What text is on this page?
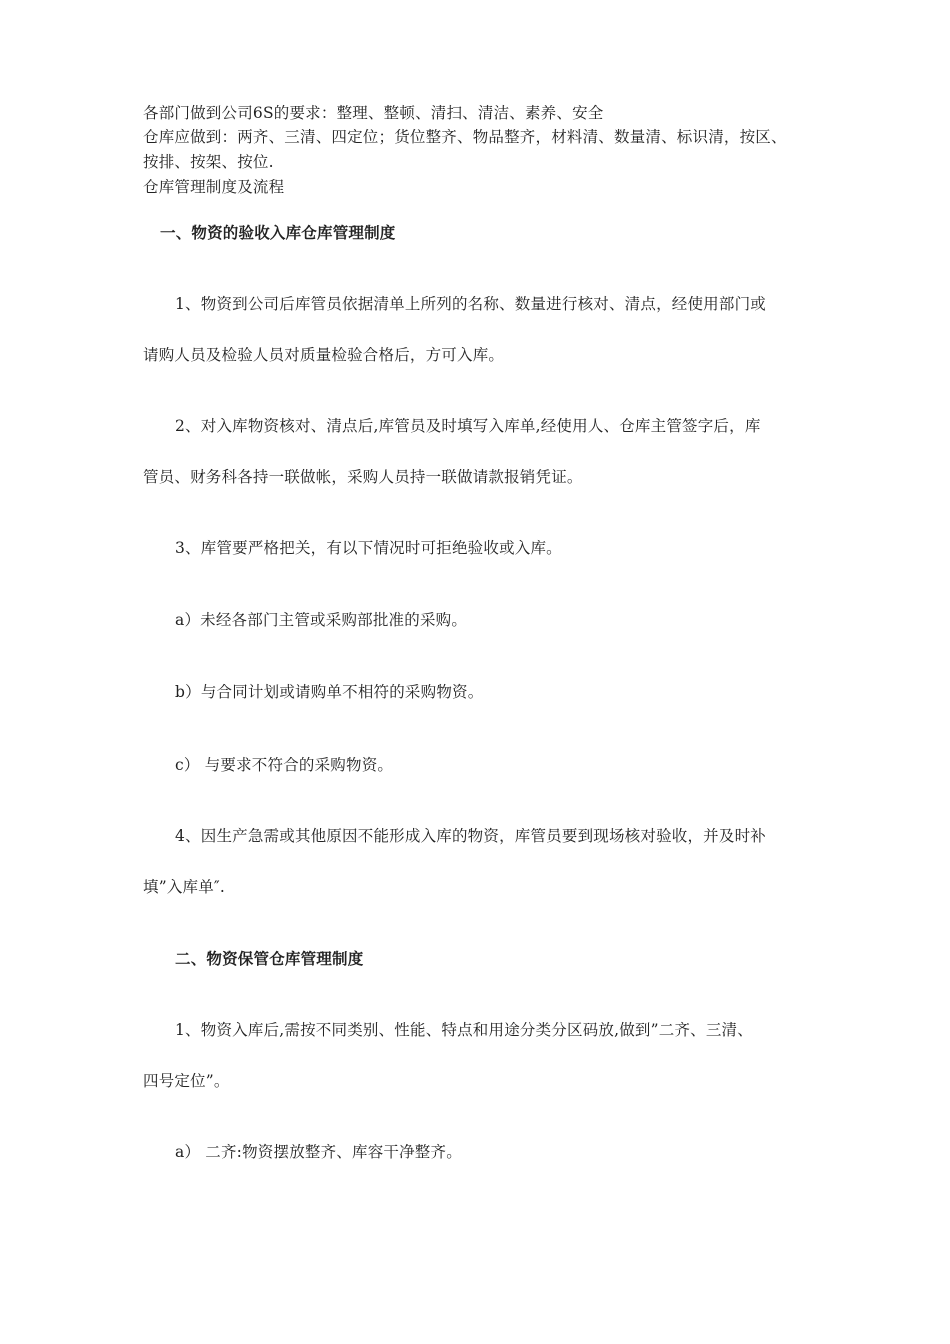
各部门做到公司6S的要求：整理、整顿、清扫、清洁、素养、安全
仓库应做到：两齐、三清、四定位；货位整齐、物品整齐，材料清、数量清、标识清，按区、
按排、按架、按位.
仓库管理制度及流程
一、物资的验收入库仓库管理制度
1、物资到公司后库管员依据清单上所列的名称、数量进行核对、清点，经使用部门或
请购人员及检验人员对质量检验合格后，方可入库。
2、对入库物资核对、清点后,库管员及时填写入库单,经使用人、仓库主管签字后，库
管员、财务科各持一联做帐，采购人员持一联做请款报销凭证。
3、库管要严格把关，有以下情况时可拒绝验收或入库。
a）未经各部门主管或采购部批准的采购。
b）与合同计划或请购单不相符的采购物资。
c） 与要求不符合的采购物资。
4、因生产急需或其他原因不能形成入库的物资，库管员要到现场核对验收，并及时补
填”入库单″.
二、物资保管仓库管理制度
1、物资入库后,需按不同类别、性能、特点和用途分类分区码放,做到”二齐、三清、
四号定位”。
a） 二齐:物资摆放整齐、库容干净整齐。
